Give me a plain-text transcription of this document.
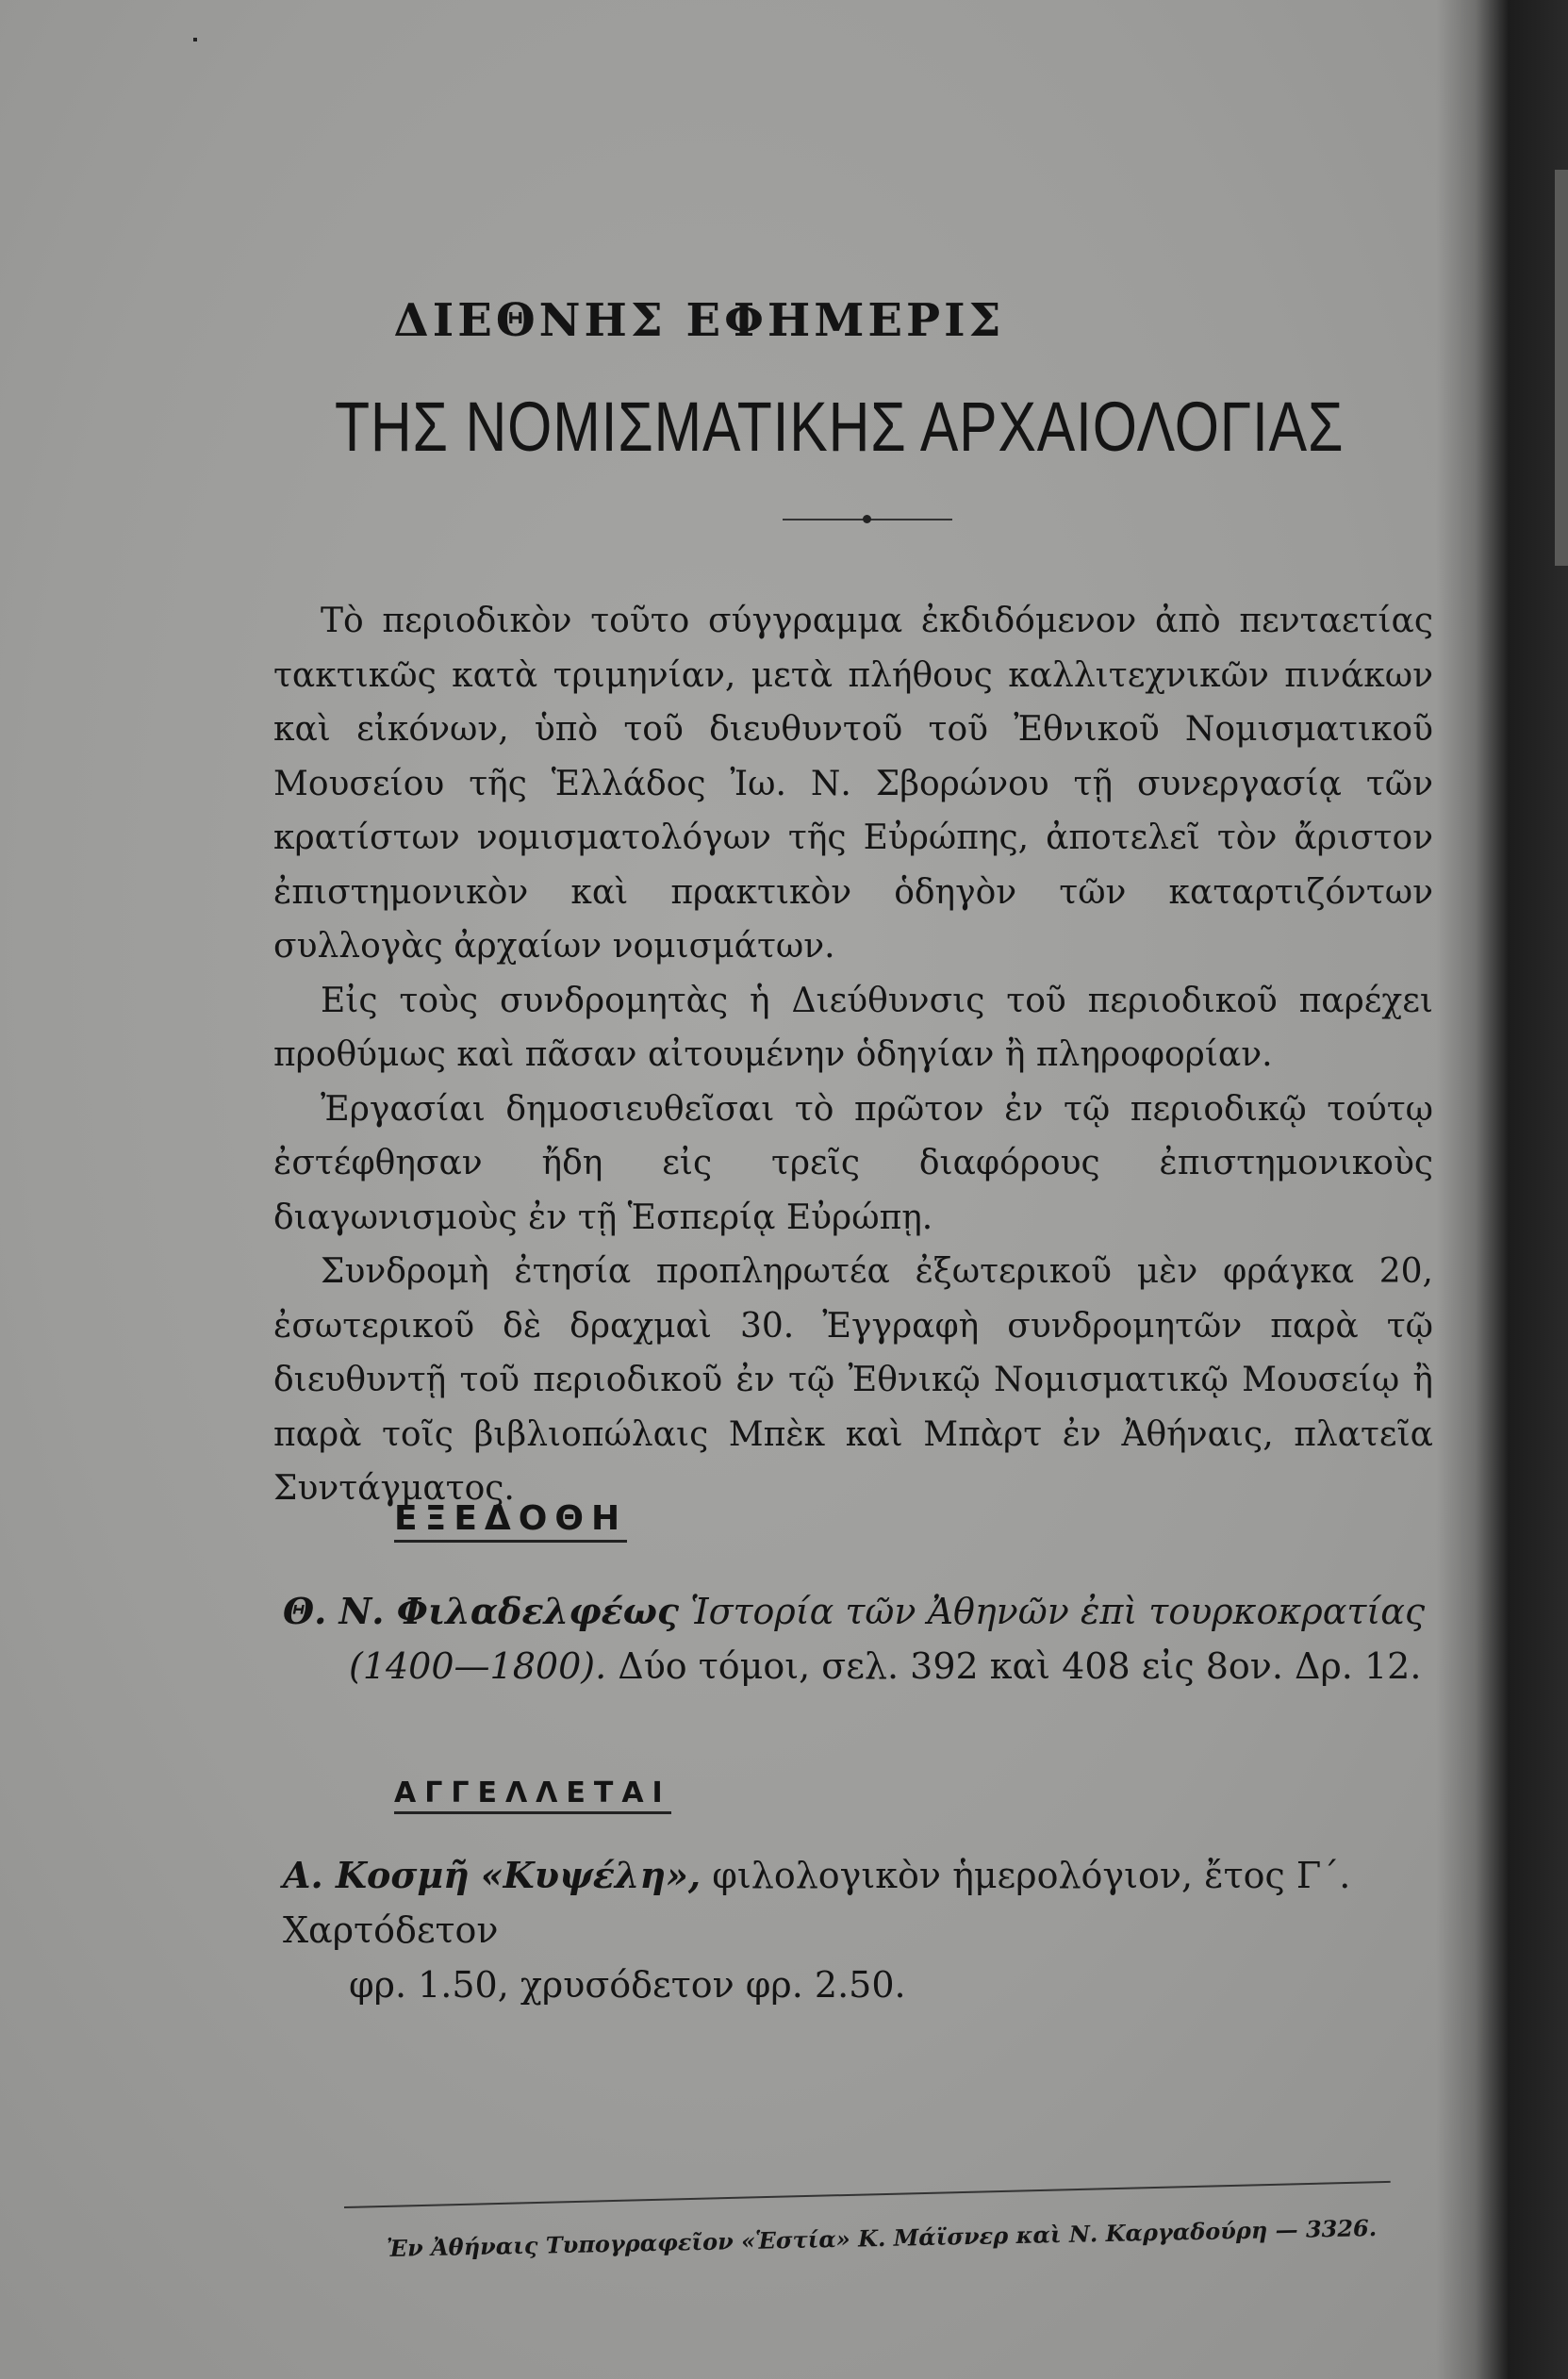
ΔΙΕΘΝΗΣ ΕΦΗΜΕΡΙΣ
ΤΗΣ ΝΟΜΙΣΜΑΤΙΚΗΣ ΑΡΧΑΙΟΛΟΓΙΑΣ

Τὸ περιοδικὸν τοῦτο σύγγραμμα ἐκδιδόμενον ἀπὸ πενταετίας τακτικῶς κατὰ τριμηνίαν, μετὰ πλήθους καλλιτεχνικῶν πινάκων καὶ εἰκόνων, ὑπὸ τοῦ διευθυντοῦ τοῦ Ἐθνικοῦ Νομισματικοῦ Μουσείου τῆς Ἑλλάδος Ἰω. Ν. Σβορώνου τῇ συνεργασίᾳ τῶν κρατίστων νομισματολόγων τῆς Εὐρώπης, ἀποτελεῖ τὸν ἄριστον ἐπιστημονικὸν καὶ πρακτικὸν ὁδηγὸν τῶν καταρτιζόντων συλλογὰς ἀρχαίων νομισμάτων.

Εἰς τοὺς συνδρομητὰς ἡ Διεύθυνσις τοῦ περιοδικοῦ παρέχει προθύμως καὶ πᾶσαν αἰτουμένην ὁδηγίαν ἢ πληροφορίαν.

Ἐργασίαι δημοσιευθεῖσαι τὸ πρῶτον ἐν τῷ περιοδικῷ τούτῳ ἐστέφθησαν ἤδη εἰς τρεῖς διαφόρους ἐπιστημονικοὺς διαγωνισμοὺς ἐν τῇ Ἑσπερίᾳ Εὐρώπῃ.

Συνδρομὴ ἐτησία προπληρωτέα ἐξωτερικοῦ μὲν φράγκα 20, ἐσωτερικοῦ δὲ δραχμαὶ 30. Ἐγγραφὴ συνδρομητῶν παρὰ τῷ διευθυντῇ τοῦ περιοδικοῦ ἐν τῷ Ἐθνικῷ Νομισματικῷ Μουσείῳ ἢ παρὰ τοῖς βιβλιοπώλαις Μπὲκ καὶ Μπὰρτ ἐν Ἀθήναις, πλατεῖα Συντάγματος.

ΕΞΕΔΟΘΗ
Θ. Ν. Φιλαδελφέως Ἱστορία τῶν Ἀθηνῶν ἐπὶ τουρκοκρατίας
(1400—1800). Δύο τόμοι, σελ. 392 καὶ 408 εἰς 8ον. Δρ. 12.
ΑΓΓΕΛΛΕΤΑΙ
Α. Κοσμῆ «Κυψέλη», φιλολογικὸν ἡμερολόγιον, ἔτος Γ΄. Χαρτόδετον
φρ. 1.50, χρυσόδετον φρ. 2.50.
Ἐν Ἀθήναις Τυπογραφεῖον «Ἑστία» Κ. Μάϊσνερ καὶ Ν. Καργαδούρη — 3326.
